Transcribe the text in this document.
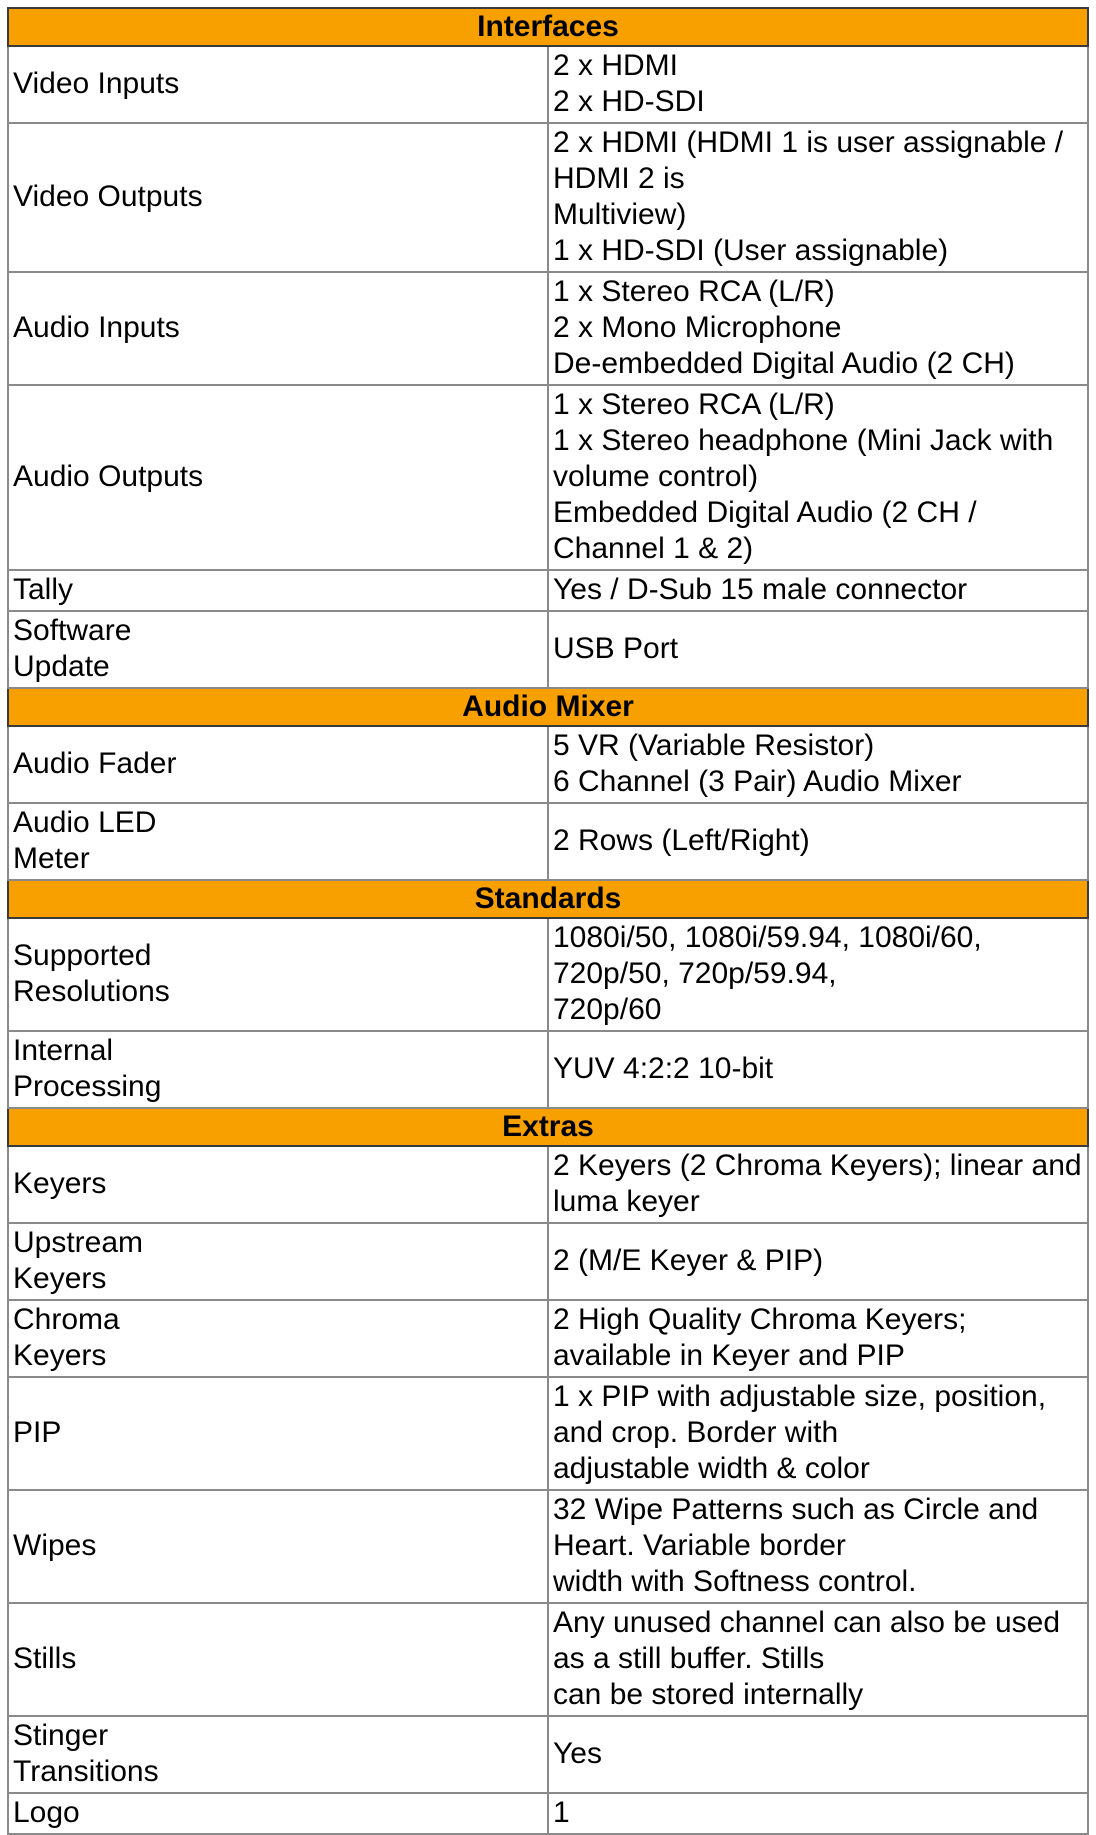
Interfaces	
Video Inputs	2 x HDMI
2 x HD-SDI
Video Outputs	2 x HDMI (HDMI 1 is user assignable / HDMI 2 is
Multiview)
1 x HD-SDI (User assignable)
Audio Inputs	1 x Stereo RCA (L/R)
2 x Mono Microphone
De-embedded Digital Audio (2 CH)
Audio Outputs	1 x Stereo RCA (L/R)
1 x Stereo headphone (Mini Jack with volume control)
Embedded Digital Audio (2 CH / Channel 1 & 2)
Tally	Yes / D-Sub 15 male connector
Software
Update	USB Port
Audio Mixer	
Audio Fader	5 VR (Variable Resistor)
6 Channel (3 Pair) Audio Mixer
Audio LED
Meter	2 Rows (Left/Right)
Standards	
Supported
Resolutions	1080i/50, 1080i/59.94, 1080i/60, 720p/50, 720p/59.94,
720p/60
Internal
Processing	YUV 4:2:2 10-bit
Extras	
Keyers	2 Keyers (2 Chroma Keyers); linear and luma keyer
Upstream
Keyers	2 (M/E Keyer & PIP)
Chroma
Keyers	2 High Quality Chroma Keyers; available in Keyer and PIP
PIP	1 x PIP with adjustable size, position, and crop. Border with
adjustable width & color
Wipes	32 Wipe Patterns such as Circle and Heart. Variable border
width with Softness control.
Stills	Any unused channel can also be used as a still buffer. Stills
can be stored internally
Stinger
Transitions	Yes
Logo	1
